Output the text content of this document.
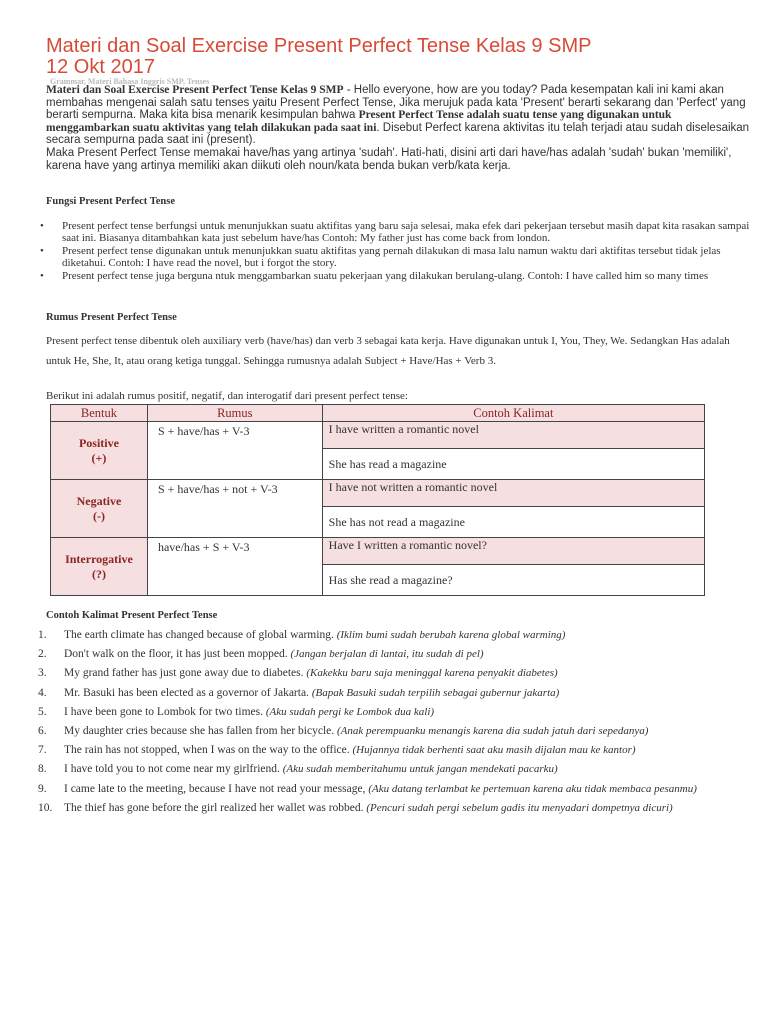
Materi dan Soal Exercise Present Perfect Tense Kelas 9 SMP
12 Okt 2017
Grammar, Materi Bahasa Inggris SMP, Tenses
Materi dan Soal Exercise Present Perfect Tense Kelas 9 SMP - Hello everyone, how are you today? Pada kesempatan kali ini kami akan membahas mengenai salah satu tenses yaitu Present Perfect Tense, Jika merujuk pada kata 'Present' berarti sekarang dan 'Perfect' yang berarti sempurna. Maka kita bisa menarik kesimpulan bahwa Present Perfect Tense adalah suatu tense yang digunakan untuk menggambarkan suatu aktivitas yang telah dilakukan pada saat ini. Disebut Perfect karena aktivitas itu telah terjadi atau sudah diselesaikan secara sempurna pada saat ini (present).
Maka Present Perfect Tense memakai have/has yang artinya 'sudah'. Hati-hati, disini arti dari have/has adalah 'sudah' bukan 'memiliki', karena have yang artinya memiliki akan diikuti oleh noun/kata benda bukan verb/kata kerja.
Fungsi Present Perfect Tense
• Present perfect tense berfungsi untuk menunjukkan suatu aktifitas yang baru saja selesai, maka efek dari pekerjaan tersebut masih dapat kita rasakan sampai saat ini. Biasanya ditambahkan kata just sebelum have/has Contoh: My father just has come back from london.
• Present perfect tense digunakan untuk menunjukkan suatu aktifitas yang pernah dilakukan di masa lalu namun waktu dari aktifitas tersebut tidak jelas diketahui. Contoh: I have read the novel, but i forgot the story.
• Present perfect tense juga berguna ntuk menggambarkan suatu pekerjaan yang dilakukan berulang-ulang. Contoh: I have called him so many times
Rumus Present Perfect Tense
Present perfect tense dibentuk oleh auxiliary verb (have/has) dan verb 3 sebagai kata kerja. Have digunakan untuk I, You, They, We. Sedangkan Has adalah untuk He, She, It, atau orang ketiga tunggal. Sehingga rumusnya adalah Subject + Have/Has + Verb 3.
Berikut ini adalah rumus positif, negatif, dan interogatif dari present perfect tense:
Bentuk	Rumus	Contoh Kalimat

Positive
(+)	S + have/has + V-3	I have written a romantic novel
		She has read a magazine

Negative
(-)	S + have/has + not + V-3	I have not written a romantic novel
		She has not read a magazine

Interrogative
(?)	have/has + S + V-3	Have I written a romantic novel?
		Has she read a magazine?
Contoh Kalimat Present Perfect Tense
1. The earth climate has changed because of global warming. (Iklim bumi sudah berubah karena global warming)
2. Don't walk on the floor, it has just been mopped. (Jangan berjalan di lantai, itu sudah di pel)
3. My grand father has just gone away due to diabetes. (Kakekku baru saja meninggal karena penyakit diabetes)
4. Mr. Basuki has been elected as a governor of Jakarta. (Bapak Basuki sudah terpilih sebagai gubernur jakarta)
5. I have been gone to Lombok for two times. (Aku sudah pergi ke Lombok dua kali)
6. My daughter cries because she has fallen from her bicycle. (Anak perempuanku menangis karena dia sudah jatuh dari sepedanya)
7. The rain has not stopped, when I was on the way to the office. (Hujannya tidak berhenti saat aku masih dijalan mau ke kantor)
8. I have told you to not come near my girlfriend. (Aku sudah memberitahumu untuk jangan mendekati pacarku)
9. I came late to the meeting, because I have not read your message, (Aku datang terlambat ke pertemuan karena aku tidak membaca pesanmu)
10. The thief has gone before the girl realized her wallet was robbed. (Pencuri sudah pergi sebelum gadis itu menyadari dompetnya dicuri)
